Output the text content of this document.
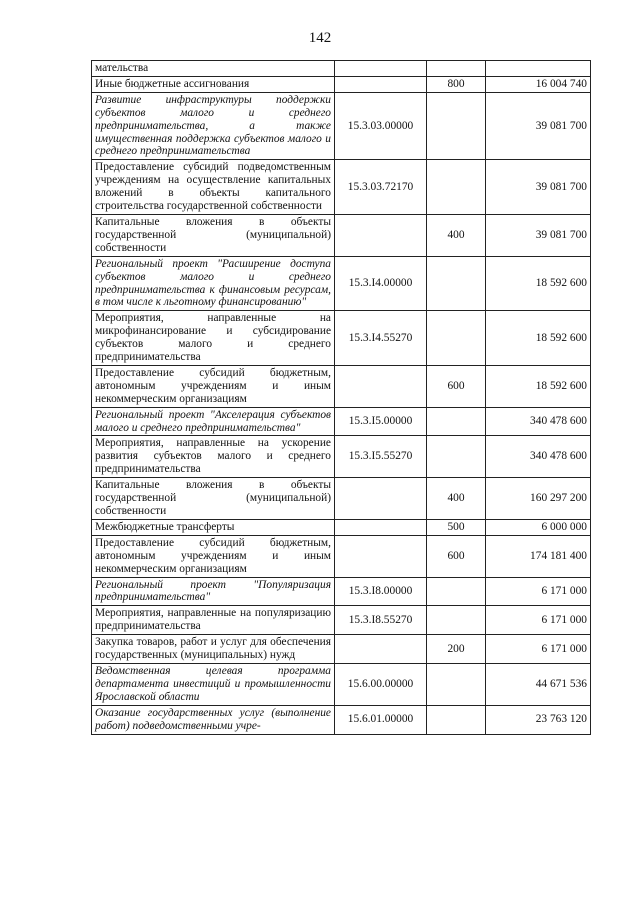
142
мательства			
Иные бюджетные ассигнования		800	16 004 740
Развитие инфраструктуры поддержки субъектов малого и среднего предпринимательства, а также имущественная поддержка субъектов малого и среднего предпринимательства	15.3.03.00000		39 081 700
Предоставление субсидий подведомственным учреждениям на осуществление капитальных вложений в объекты капитального строительства государственной собственности	15.3.03.72170		39 081 700
Капитальные вложения в объекты государственной (муниципальной) собственности		400	39 081 700
Региональный проект "Расширение доступа субъектов малого и среднего предпринимательства к финансовым ресурсам, в том числе к льготному финансированию"	15.3.I4.00000		18 592 600
Мероприятия, направленные на микрофинансирование и субсидирование субъектов малого и среднего предпринимательства	15.3.I4.55270		18 592 600
Предоставление субсидий бюджетным, автономным учреждениям и иным некоммерческим организациям		600	18 592 600
Региональный проект "Акселерация субъектов малого и среднего предпринимательства"	15.3.I5.00000		340 478 600
Мероприятия, направленные на ускорение развития субъектов малого и среднего предпринимательства	15.3.I5.55270		340 478 600
Капитальные вложения в объекты государственной (муниципальной) собственности		400	160 297 200
Межбюджетные трансферты		500	6 000 000
Предоставление субсидий бюджетным, автономным учреждениям и иным некоммерческим организациям		600	174 181 400
Региональный проект "Популяризация предпринимательства"	15.3.I8.00000		6 171 000
Мероприятия, направленные на популяризацию предпринимательства	15.3.I8.55270		6 171 000
Закупка товаров, работ и услуг для обеспечения государственных (муниципальных) нужд		200	6 171 000
Ведомственная целевая программа департамента инвестиций и промышленности Ярославской области	15.6.00.00000		44 671 536
Оказание государственных услуг (выполнение работ) подведомственными учре-	15.6.01.00000		23 763 120
